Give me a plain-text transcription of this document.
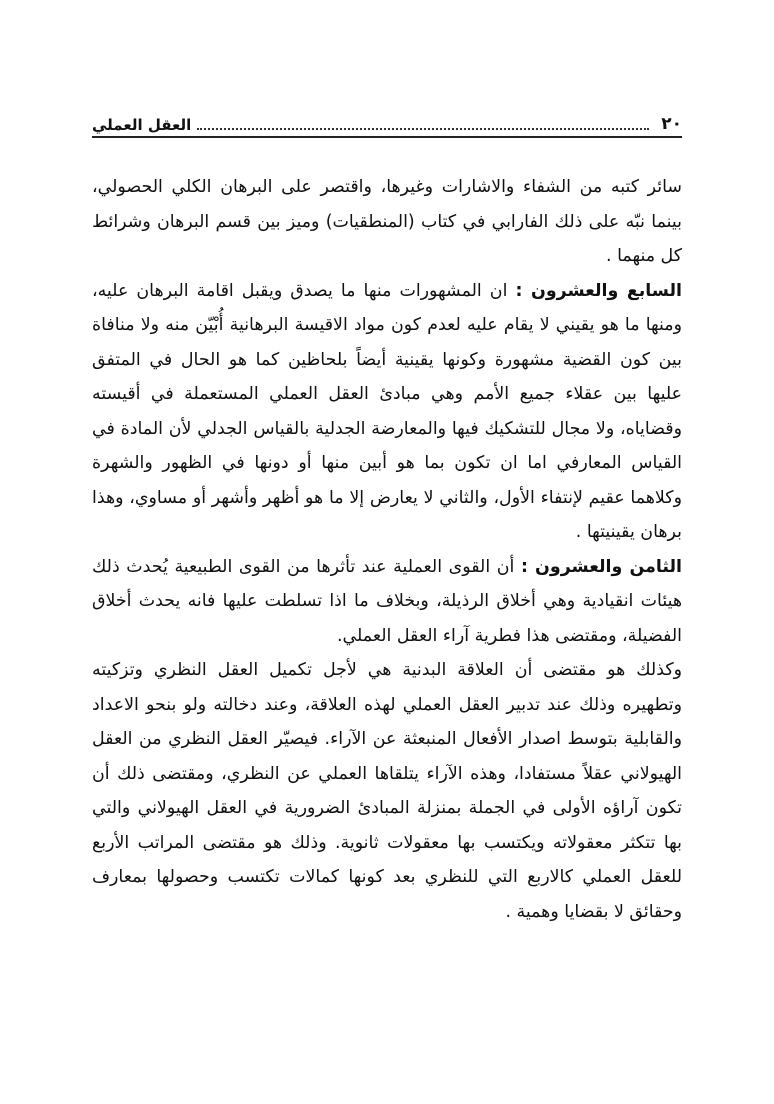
٢٠
العقل العملي

سائر كتبه من الشفاء والاشارات وغيرها، واقتصر على البرهان الكلي الحصولي، بينما نبّه على ذلك الفارابي في كتاب (المنطقيات) وميز بين قسم البرهان وشرائط كل منهما .

السابع والعشرون : ان المشهورات منها ما يصدق ويقبل اقامة البرهان عليه، ومنها ما هو يقيني لا يقام عليه لعدم كون مواد الاقيسة البرهانية أُبْيّن منه ولا منافاة بين كون القضية مشهورة وكونها يقينية أيضاً بلحاظين كما هو الحال في المتفق عليها بين عقلاء جميع الأمم وهي مبادئ العقل العملي المستعملة في أقيسته وقضاياه، ولا مجال للتشكيك فيها والمعارضة الجدلية بالقياس الجدلي لأن المادة في القياس المعارفي اما ان تكون بما هو أبين منها أو دونها في الظهور والشهرة وكلاهما عقيم لإنتفاء الأول، والثاني لا يعارض إلا ما هو أظهر وأشهر أو مساوي، وهذا برهان يقينيتها .

الثامن والعشرون : أن القوى العملية عند تأثرها من القوى الطبيعية يُحدث ذلك هيئات انقيادية وهي أخلاق الرذيلة، وبخلاف ما اذا تسلطت عليها فانه يحدث أخلاق الفضيلة، ومقتضى هذا فطرية آراء العقل العملي.

وكذلك هو مقتضى أن العلاقة البدنية هي لأجل تكميل العقل النظري وتزكيته وتطهيره وذلك عند تدبير العقل العملي لهذه العلاقة، وعند دخالته ولو بنحو الاعداد والقابلية بتوسط اصدار الأفعال المنبعثة عن الآراء. فيصيّر العقل النظري من العقل الهيولاني عقلاً مستفادا، وهذه الآراء يتلقاها العملي عن النظري، ومقتضى ذلك أن تكون آراؤه الأولى في الجملة بمنزلة المبادئ الضرورية في العقل الهيولاني والتي بها تتكثر معقولاته ويكتسب بها معقولات ثانوية. وذلك هو مقتضى المراتب الأربع للعقل العملي كالاربع التي للنظري بعد كونها كمالات تكتسب وحصولها بمعارف وحقائق لا بقضايا وهمية .
